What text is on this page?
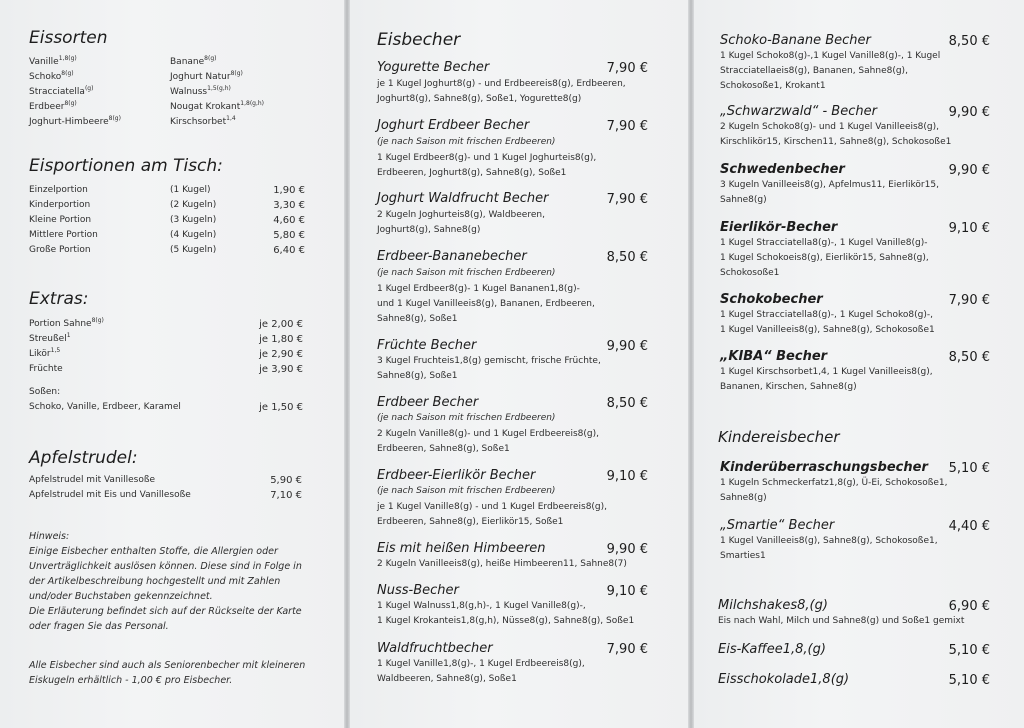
Eissorten
Vanille$^{1,8(g)}$
Schoko$^{8(g)}$
Stracciatella$^{(g)}$
Erdbeer$^{8(g)}$
Joghurt-Himbeere$^{8(g)}$
Banane$^{8(g)}$
Joghurt Natur$^{8(g)}$
Walnuss$^{1,5(g,h)}$
Nougat Krokant$^{1,8(g,h)}$
Kirschsorbet$^{1,4}$
Eisportionen am Tisch:
Einzelportion	(1 Kugel)	1,90 €
Kinderportion	(2 Kugeln)	3,30 €
Kleine Portion	(3 Kugeln)	4,60 €
Mittlere Portion	(4 Kugeln)	5,80 €
Große Portion	(5 Kugeln)	6,40 €
Extras:
Portion Sahne$^{8(g)}$	je 2,00 €
Streußel$^1$	je 1,80 €
Likör$^{1,5}$	je 2,90 €
Früchte	je 3,90 €
Soßen:
Schoko, Vanille, Erdbeer, Karamel	je 1,50 €
Apfelstrudel:
Apfelstrudel mit Vanillesoße	5,90 €
Apfelstrudel mit Eis und Vanillesoße	7,10 €
Hinweis:
Einige Eisbecher enthalten Stoffe, die Allergien oder
Unverträglichkeit auslösen können. Diese sind in Folge in
der Artikelbeschreibung hochgestellt und mit Zahlen
und/oder Buchstaben gekennzeichnet.
Die Erläuterung befindet sich auf der Rückseite der Karte
oder fragen Sie das Personal.
Alle Eisbecher sind auch als Seniorenbecher mit kleineren
Eiskugeln erhältlich - 1,00 € pro Eisbecher.
Eisbecher
Yogurette Becher	7,90 €
je 1 Kugel Joghurt8(g) - und Erdbeereis8(g), Erdbeeren,
Joghurt8(g), Sahne8(g), Soße1, Yogurette8(g)
Joghurt Erdbeer Becher	7,90 €
(je nach Saison mit frischen Erdbeeren)
1 Kugel Erdbeer8(g)- und 1 Kugel Joghurteis8(g),
Erdbeeren, Joghurt8(g), Sahne8(g), Soße1
Joghurt Waldfrucht Becher	7,90 €
2 Kugeln Joghurteis8(g), Waldbeeren,
Joghurt8(g), Sahne8(g)
Erdbeer-Bananebecher	8,50 €
(je nach Saison mit frischen Erdbeeren)
1 Kugel Erdbeer8(g)- 1 Kugel Bananen1,8(g)-
und 1 Kugel Vanilleeis8(g), Bananen, Erdbeeren,
Sahne8(g), Soße1
Früchte Becher	9,90 €
3 Kugel Fruchteis1,8(g) gemischt, frische Früchte,
Sahne8(g), Soße1
Erdbeer Becher	8,50 €
(je nach Saison mit frischen Erdbeeren)
2 Kugeln Vanille8(g)- und 1 Kugel Erdbeereis8(g),
Erdbeeren, Sahne8(g), Soße1
Erdbeer-Eierlikör Becher	9,10 €
(je nach Saison mit frischen Erdbeeren)
je 1 Kugel Vanille8(g) - und 1 Kugel Erdbeereis8(g),
Erdbeeren, Sahne8(g), Eierlikör15, Soße1
Eis mit heißen Himbeeren	9,90 €
2 Kugeln Vanilleeis8(g), heiße Himbeeren11, Sahne8(7)
Nuss-Becher	9,10 €
1 Kugel Walnuss1,8(g,h)-, 1 Kugel Vanille8(g)-,
1 Kugel Krokanteis1,8(g,h), Nüsse8(g), Sahne8(g), Soße1
Waldfruchtbecher	7,90 €
1 Kugel Vanille1,8(g)-, 1 Kugel Erdbeereis8(g),
Waldbeeren, Sahne8(g), Soße1
Schoko-Banane Becher	8,50 €
1 Kugel Schoko8(g)-,1 Kugel Vanille8(g)-, 1 Kugel
Stracciatellaeis8(g), Bananen, Sahne8(g),
Schokosoße1, Krokant1
„Schwarzwald“ - Becher	9,90 €
2 Kugeln Schoko8(g)- und 1 Kugel Vanilleeis8(g),
Kirschlikör15, Kirschen11, Sahne8(g), Schokosoße1
Schwedenbecher	9,90 €
3 Kugeln Vanilleeis8(g), Apfelmus11, Eierlikör15,
Sahne8(g)
Eierlikör-Becher	9,10 €
1 Kugel Stracciatella8(g)-, 1 Kugel Vanille8(g)-
1 Kugel Schokoeis8(g), Eierlikör15, Sahne8(g),
Schokosoße1
Schokobecher	7,90 €
1 Kugel Stracciatella8(g)-, 1 Kugel Schoko8(g)-,
1 Kugel Vanilleeis8(g), Sahne8(g), Schokosoße1
„KIBA“ Becher	8,50 €
1 Kugel Kirschsorbet1,4, 1 Kugel Vanilleeis8(g),
Bananen, Kirschen, Sahne8(g)
Kindereisbecher
Kinderüberraschungsbecher	5,10 €
1 Kugeln Schmeckerfatz1,8(g), Ü-Ei, Schokosoße1,
Sahne8(g)
„Smartie“ Becher	4,40 €
1 Kugel Vanilleeis8(g), Sahne8(g), Schokosoße1,
Smarties1
Milchshakes8,(g)	6,90 €
Eis nach Wahl, Milch und Sahne8(g) und Soße1 gemixt
Eis-Kaffee1,8,(g)	5,10 €
Eisschokolade1,8(g)	5,10 €
